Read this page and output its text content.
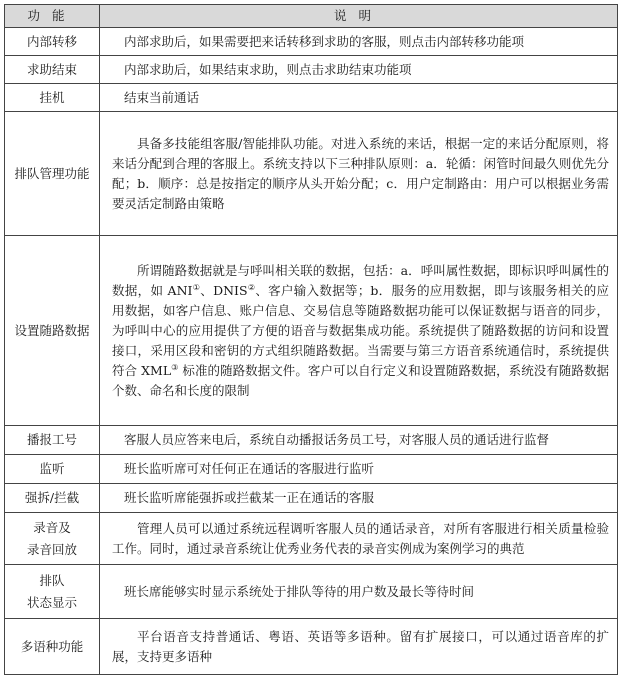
功能	说明
内部转移	内部求助后，如果需要把来话转移到求助的客服，则点击内部转移功能项

求助结束	内部求助后，如果结束求助，则点击求助结束功能项

挂机	结束当前通话

排队管理功能	具备多技能组客服/智能排队功能。对进入系统的来话，根据一定的来话分配原则，将来话分配到合理的客服上。系统支持以下三种排队原则：a．轮循：闲管时间最久则优先分配；b．顺序：总是按指定的顺序从头开始分配；c．用户定制路由：用户可以根据业务需要灵活定制路由策略

设置随路数据	所谓随路数据就是与呼叫相关联的数据，包括：a．呼叫属性数据，即标识呼叫属性的数据，如 ANI①、DNIS②、客户输入数据等；b．服务的应用数据，即与该服务相关的应用数据，如客户信息、账户信息、交易信息等随路数据功能可以保证数据与语音的同步，为呼叫中心的应用提供了方便的语音与数据集成功能。系统提供了随路数据的访问和设置接口，采用区段和密钥的方式组织随路数据。当需要与第三方语音系统通信时，系统提供符合 XML③ 标准的随路数据文件。客户可以自行定义和设置随路数据，系统没有随路数据个数、命名和长度的限制

播报工号	客服人员应答来电后，系统自动播报话务员工号，对客服人员的通话进行监督

监听	班长监听席可对任何正在通话的客服进行监听

强拆/拦截	班长监听席能强拆或拦截某一正在通话的客服

录音及
录音回放	管理人员可以通过系统远程调听客服人员的通话录音，对所有客服进行相关质量检验工作。同时，通过录音系统让优秀业务代表的录音实例成为案例学习的典范

排队
状态显示	班长席能够实时显示系统处于排队等待的用户数及最长等待时间

多语种功能	平台语音支持普通话、粤语、英语等多语种。留有扩展接口，可以通过语音库的扩展，支持更多语种
